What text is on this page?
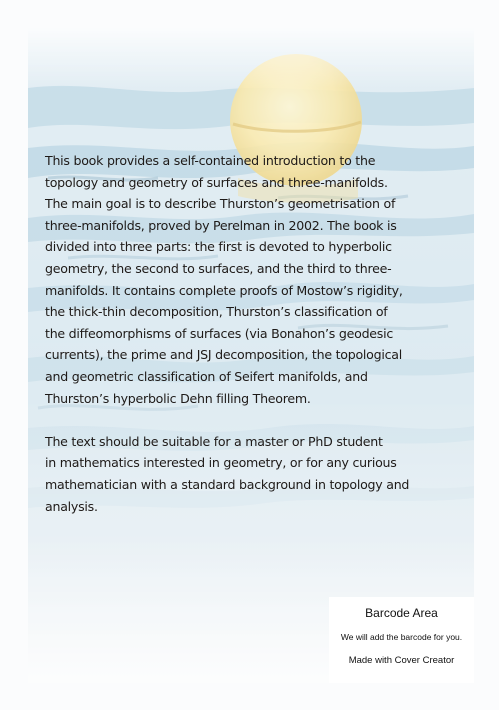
This book provides a self-contained introduction to the
topology and geometry of surfaces and three-manifolds.
The main goal is to describe Thurston’s geometrisation of
three-manifolds, proved by Perelman in 2002. The book is
divided into three parts: the first is devoted to hyperbolic
geometry, the second to surfaces, and the third to three-
manifolds. It contains complete proofs of Mostow’s rigidity,
the thick-thin decomposition, Thurston’s classification of
the diffeomorphisms of surfaces (via Bonahon’s geodesic
currents), the prime and JSJ decomposition, the topological
and geometric classification of Seifert manifolds, and
Thurston’s hyperbolic Dehn filling Theorem.

The text should be suitable for a master or PhD student
in mathematics interested in geometry, or for any curious
mathematician with a standard background in topology and
analysis.

Barcode Area
We will add the barcode for you.
Made with Cover Creator
